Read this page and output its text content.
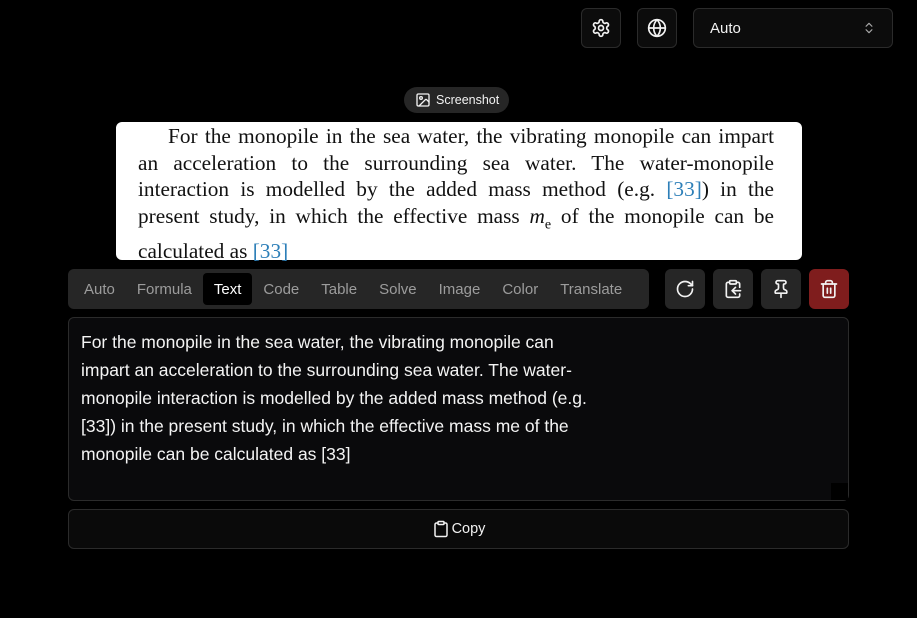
Auto
Screenshot

For the monopile in the sea water, the vibrating monopile can impart an acceleration to the surrounding sea water. The water-monopile interaction is modelled by the added mass method (e.g. [33]) in the present study, in which the effective mass $m_e$ of the monopile can be calculated as [33]

Auto	Formula	Text	Code	Table	Solve	Image	Color	Translate
For the monopile in the sea water, the vibrating monopile can
impart an acceleration to the surrounding sea water. The water-
monopile interaction is modelled by the added mass method (e.g.
[33]) in the present study, in which the effective mass me of the
monopile can be calculated as [33]
Copy
